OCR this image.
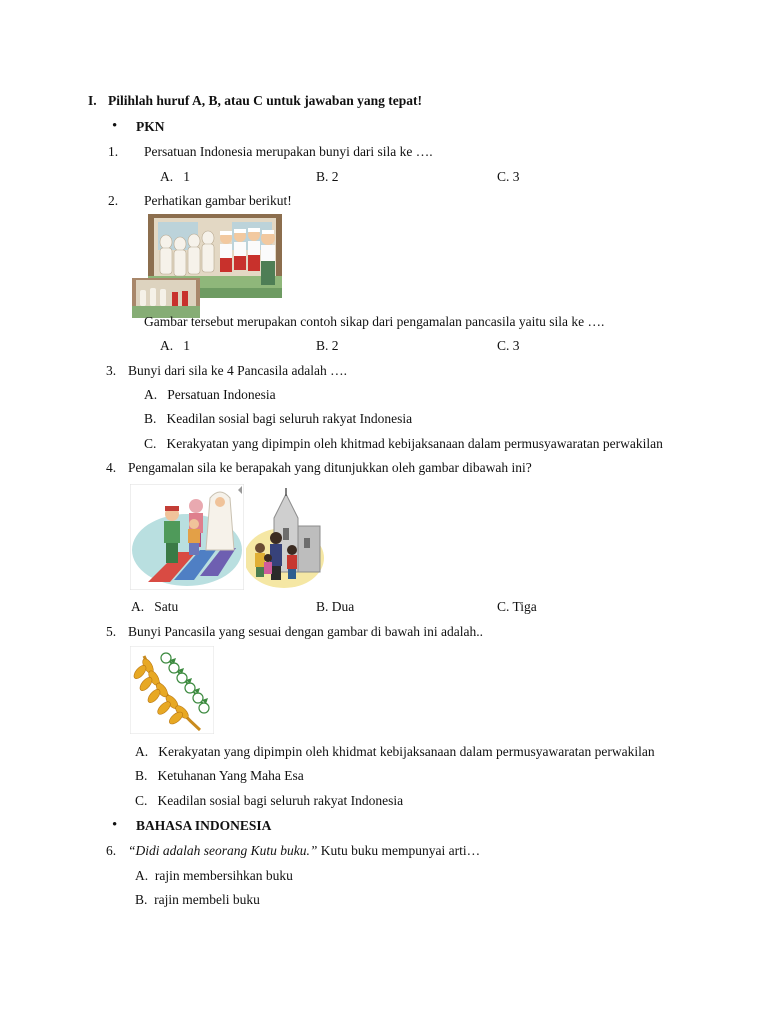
I. Pilihlah huruf A, B, atau C untuk jawaban yang tepat!
• PKN
1. Persatuan Indonesia merupakan bunyi dari sila ke ….
A. 1	B. 2	C. 3
2. Perhatikan gambar berikut!
Gambar tersebut merupakan contoh sikap dari pengamalan pancasila yaitu sila ke ….
A. 1	B. 2	C. 3
3. Bunyi dari sila ke 4 Pancasila adalah ….
A. Persatuan Indonesia
B. Keadilan sosial bagi seluruh rakyat Indonesia
C. Kerakyatan yang dipimpin oleh khitmad kebijaksanaan dalam permusyawaratan perwakilan
4. Pengamalan sila ke berapakah yang ditunjukkan oleh gambar dibawah ini?
A. Satu	B. Dua	C. Tiga
5. Bunyi Pancasila yang sesuai dengan gambar di bawah ini adalah..
A. Kerakyatan yang dipimpin oleh khidmat kebijaksanaan dalam permusyawaratan perwakilan
B. Ketuhanan Yang Maha Esa
C. Keadilan sosial bagi seluruh rakyat Indonesia
• BAHASA INDONESIA
6. “Didi adalah seorang Kutu buku.” Kutu buku mempunyai arti…
A. rajin membersihkan buku
B. rajin membeli buku
